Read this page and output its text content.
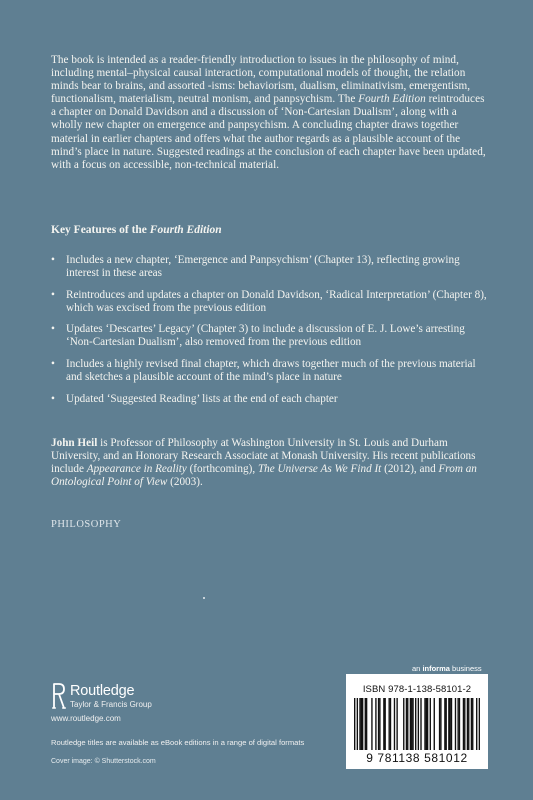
The book is intended as a reader-friendly introduction to issues in the philosophy of mind, including mental–physical causal interaction, computational models of thought, the relation minds bear to brains, and assorted -isms: behaviorism, dualism, eliminativism, emergentism, functionalism, materialism, neutral monism, and panpsychism. The Fourth Edition reintroduces a chapter on Donald Davidson and a discussion of ‘Non-Cartesian Dualism’, along with a wholly new chapter on emergence and panpsychism. A concluding chapter draws together material in earlier chapters and offers what the author regards as a plausible account of the mind’s place in nature. Suggested readings at the conclusion of each chapter have been updated, with a focus on accessible, non-technical material.

Key Features of the Fourth Edition
• Includes a new chapter, ‘Emergence and Panpsychism’ (Chapter 13), reflecting growing interest in these areas
• Reintroduces and updates a chapter on Donald Davidson, ‘Radical Interpretation’ (Chapter 8), which was excised from the previous edition
• Updates ‘Descartes’ Legacy’ (Chapter 3) to include a discussion of E. J. Lowe’s arresting ‘Non-Cartesian Dualism’, also removed from the previous edition
• Includes a highly revised final chapter, which draws together much of the previous material and sketches a plausible account of the mind’s place in nature
• Updated ‘Suggested Reading’ lists at the end of each chapter

John Heil is Professor of Philosophy at Washington University in St. Louis and Durham University, and an Honorary Research Associate at Monash University. His recent publications include Appearance in Reality (forthcoming), The Universe As We Find It (2012), and From an Ontological Point of View (2003).

PHILOSOPHY
Routledge
Taylor & Francis Group
www.routledge.com
Routledge titles are available as eBook editions in a range of digital formats
Cover image: © Shutterstock.com
an informa business
ISBN 978-1-138-58101-2
9 781138 581012
